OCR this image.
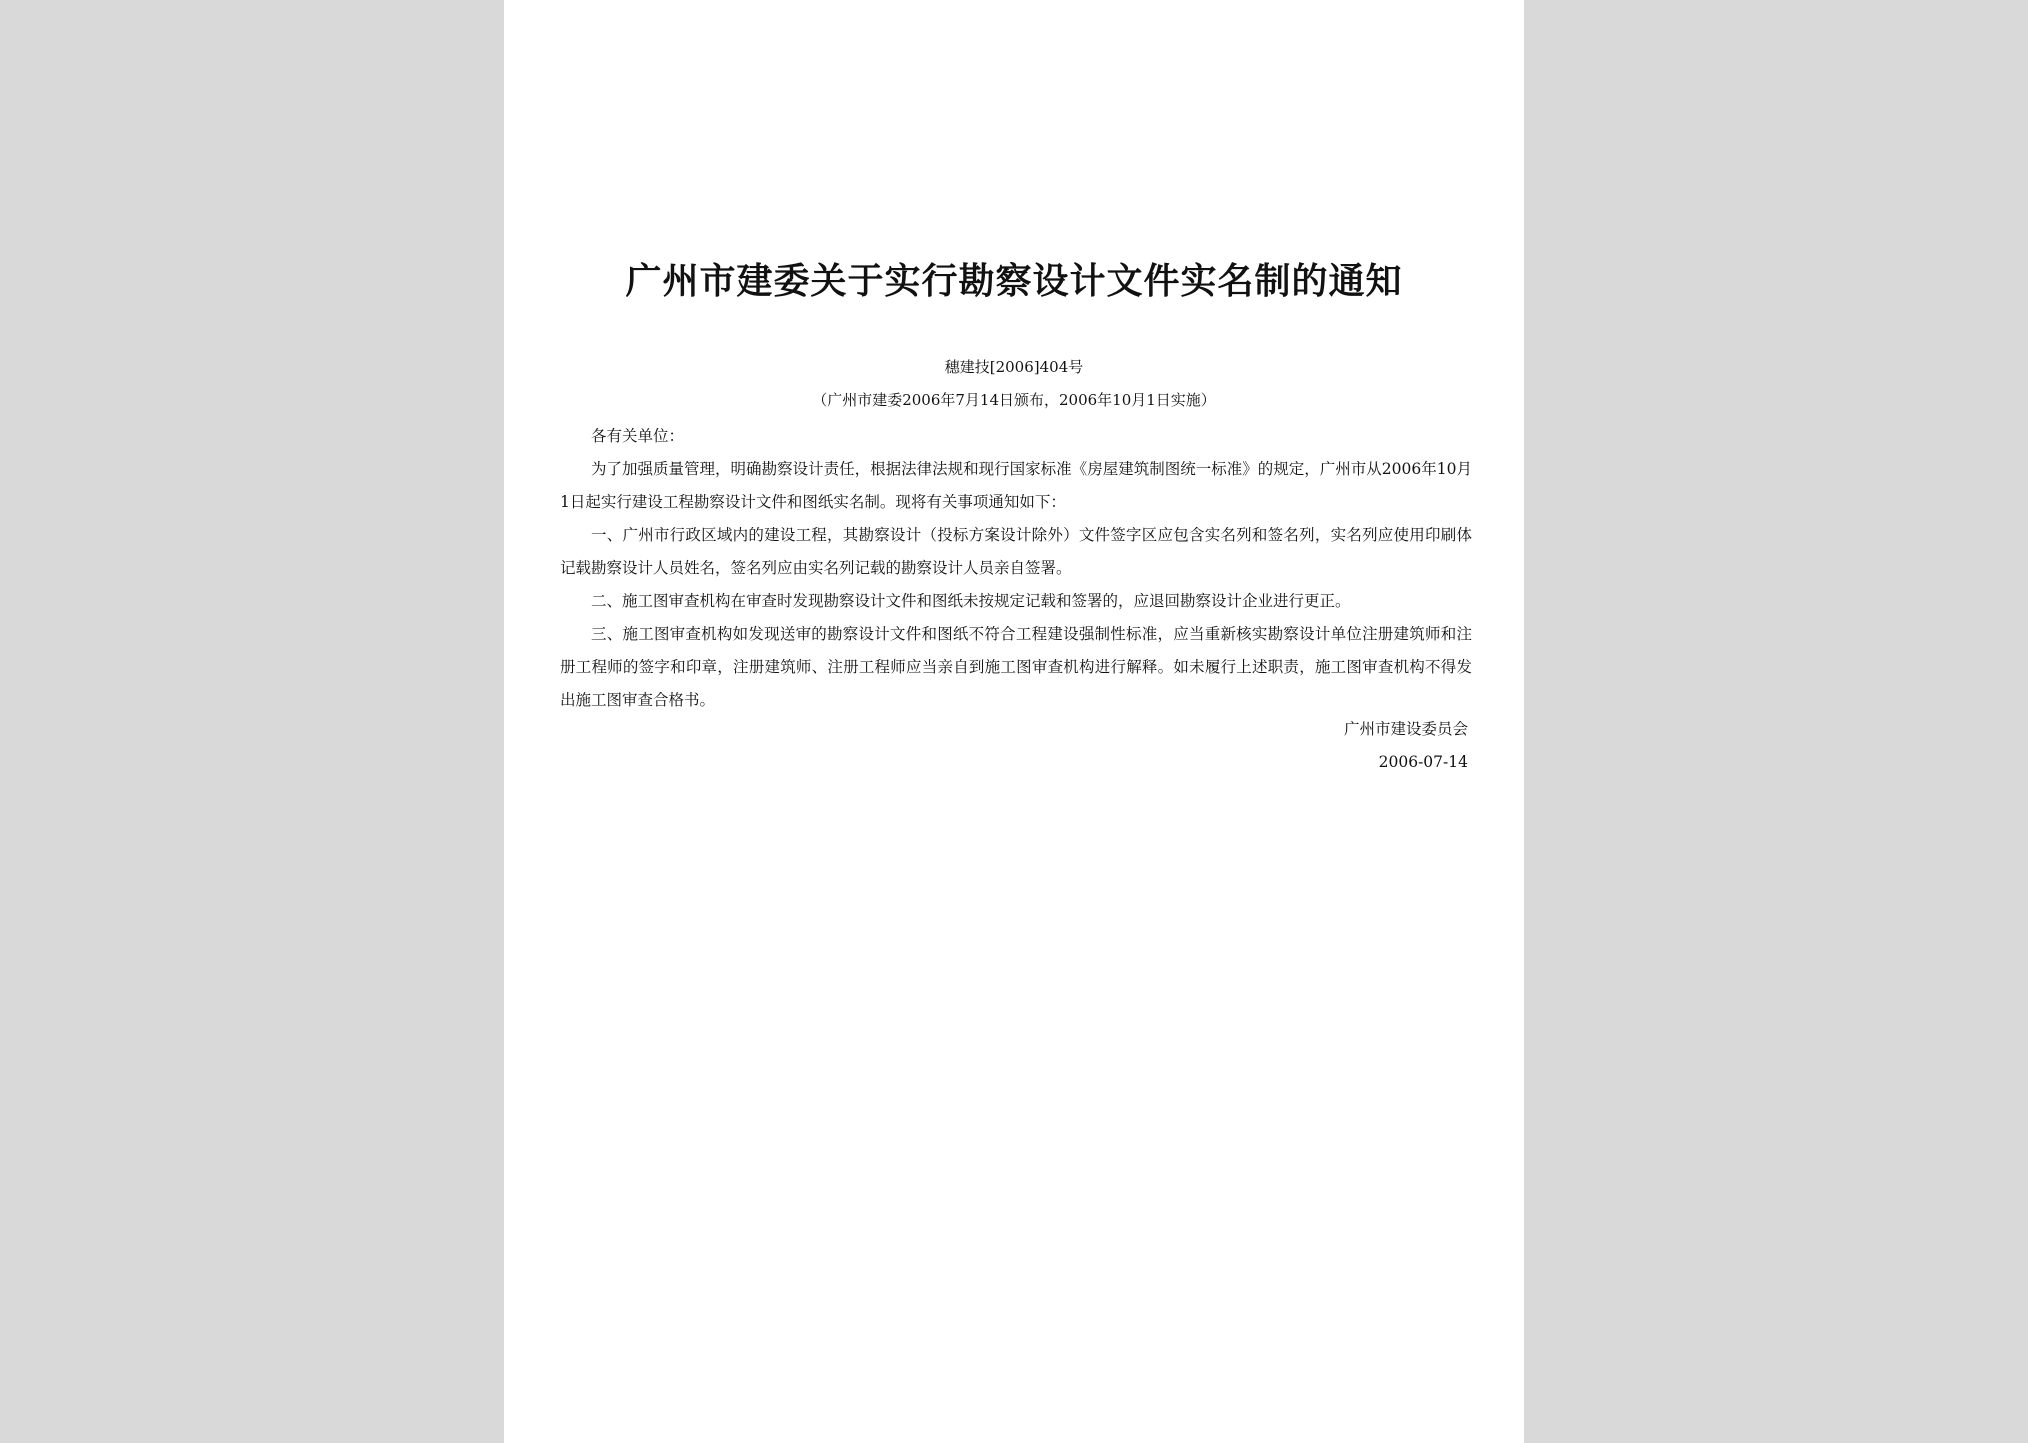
广州市建委关于实行勘察设计文件实名制的通知
穗建技[2006]404号
（广州市建委2006年7月14日颁布，2006年10月1日实施）

各有关单位：

为了加强质量管理，明确勘察设计责任，根据法律法规和现行国家标准《房屋建筑制图统一标准》的规定，广州市从2006年10月1日起实行建设工程勘察设计文件和图纸实名制。现将有关事项通知如下：

一、广州市行政区域内的建设工程，其勘察设计（投标方案设计除外）文件签字区应包含实名列和签名列，实名列应使用印刷体记载勘察设计人员姓名，签名列应由实名列记载的勘察设计人员亲自签署。

二、施工图审查机构在审查时发现勘察设计文件和图纸未按规定记载和签署的，应退回勘察设计企业进行更正。

三、施工图审查机构如发现送审的勘察设计文件和图纸不符合工程建设强制性标准，应当重新核实勘察设计单位注册建筑师和注册工程师的签字和印章，注册建筑师、注册工程师应当亲自到施工图审查机构进行解释。如未履行上述职责，施工图审查机构不得发出施工图审查合格书。

广州市建设委员会
2006-07-14
